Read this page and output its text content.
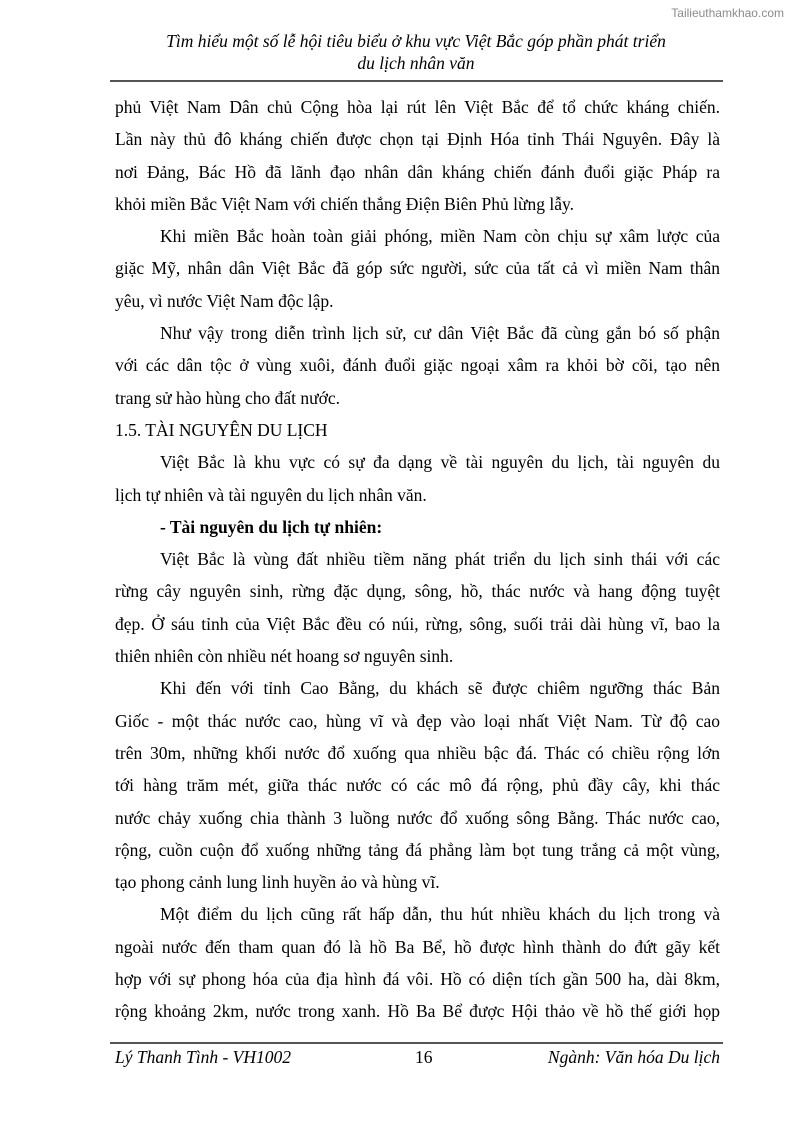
Tailieuthamkhao.com
Tìm hiểu một số lễ hội tiêu biểu ở khu vực Việt Bắc góp phần phát triển
du lịch nhân văn
phủ Việt Nam Dân chủ Cộng hòa lại rút lên Việt Bắc để tổ chức kháng chiến.
Lần này thủ đô kháng chiến được chọn tại Định Hóa tỉnh Thái Nguyên. Đây là
nơi Đảng, Bác Hồ đã lãnh đạo nhân dân kháng chiến đánh đuổi giặc Pháp ra
khỏi miền Bắc Việt Nam với chiến thắng Điện Biên Phủ lừng lẫy.
Khi miền Bắc hoàn toàn giải phóng, miền Nam còn chịu sự xâm lược của
giặc Mỹ, nhân dân Việt Bắc đã góp sức người, sức của tất cả vì miền Nam thân
yêu, vì nước Việt Nam độc lập.
Như vậy trong diễn trình lịch sử, cư dân Việt Bắc đã cùng gắn bó số phận
với các dân tộc ở vùng xuôi, đánh đuổi giặc ngoại xâm ra khỏi bờ cõi, tạo nên
trang sử hào hùng cho đất nước.
1.5. TÀI NGUYÊN DU LỊCH
Việt Bắc là khu vực có sự đa dạng về tài nguyên du lịch, tài nguyên du
lịch tự nhiên và tài nguyên du lịch nhân văn.
- Tài nguyên du lịch tự nhiên:
Việt Bắc là vùng đất nhiều tiềm năng phát triển du lịch sinh thái với các
rừng cây nguyên sinh, rừng đặc dụng, sông, hồ, thác nước và hang động tuyệt
đẹp. Ở sáu tỉnh của Việt Bắc đều có núi, rừng, sông, suối trải dài hùng vĩ, bao la
thiên nhiên còn nhiều nét hoang sơ nguyên sinh.
Khi đến với tỉnh Cao Bằng, du khách sẽ được chiêm ngưỡng thác Bản
Giốc - một thác nước cao, hùng vĩ và đẹp vào loại nhất Việt Nam. Từ độ cao
trên 30m, những khối nước đổ xuống qua nhiều bậc đá. Thác có chiều rộng lớn
tới hàng trăm mét, giữa thác nước có các mô đá rộng, phủ đầy cây, khi thác
nước chảy xuống chia thành 3 luồng nước đổ xuống sông Bằng. Thác nước cao,
rộng, cuồn cuộn đổ xuống những tảng đá phẳng làm bọt tung trắng cả một vùng,
tạo phong cảnh lung linh huyền ảo và hùng vĩ.
Một điểm du lịch cũng rất hấp dẫn, thu hút nhiều khách du lịch trong và
ngoài nước đến tham quan đó là hồ Ba Bể, hồ được hình thành do đứt gãy kết
hợp với sự phong hóa của địa hình đá vôi. Hồ có diện tích gần 500 ha, dài 8km,
rộng khoảng 2km, nước trong xanh. Hồ Ba Bể được Hội thảo về hồ thế giới họp
Lý Thanh Tình - VH1002	16	Ngành: Văn hóa Du lịch
